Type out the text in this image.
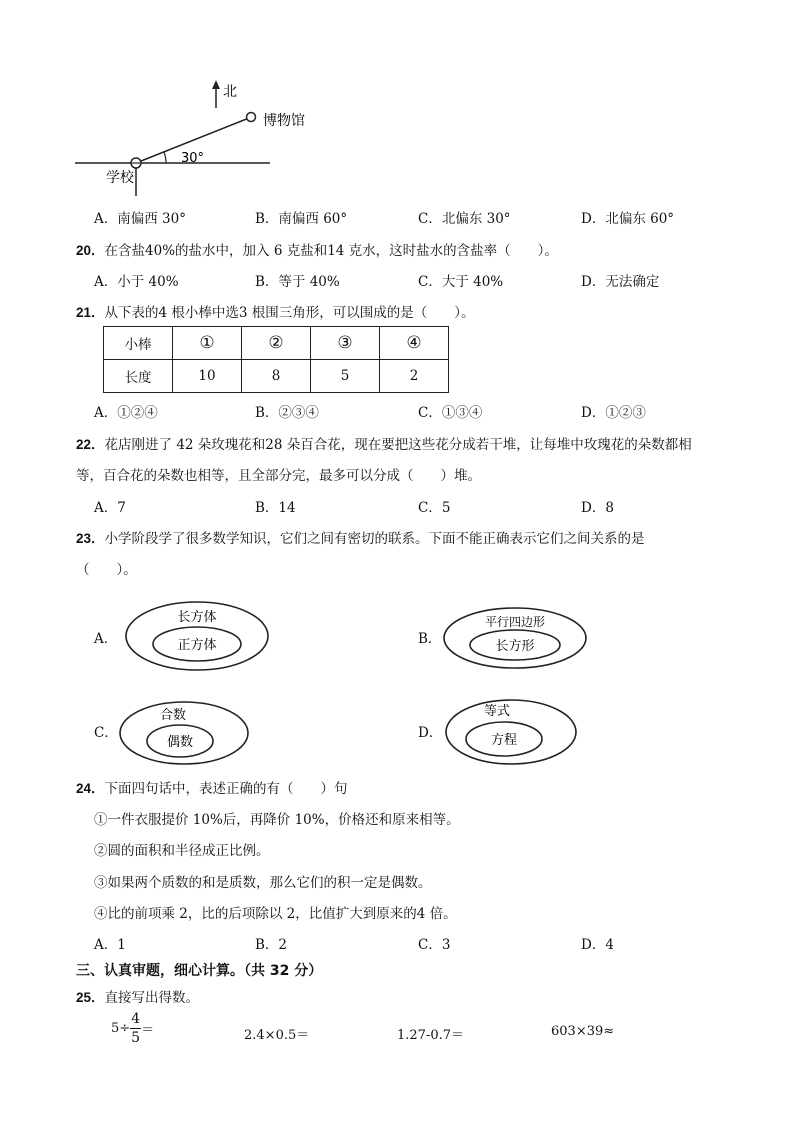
北
博物馆
30°
学校
A．南偏西 30°	B．南偏西 60°	C．北偏东 30°	D．北偏东 60°
20．在含盐40%的盐水中，加入 6 克盐和14 克水，这时盐水的含盐率（　　）。
A．小于 40%	B．等于 40%	C．大于 40%	D．无法确定
21．从下表的4 根小棒中选3 根围三角形，可以围成的是（　　）。
小棒	①	②	③	④
长度	10	8	5	2
A．①②④	B．②③④	C．①③④	D．①②③
22．花店刚进了 42 朵玫瑰花和28 朵百合花，现在要把这些花分成若干堆，让每堆中玫瑰花的朵数都相
等，百合花的朵数也相等，且全部分完，最多可以分成（　　）堆。
A．7	B．14	C．5	D．8
23．小学阶段学了很多数学知识，它们之间有密切的联系。下面不能正确表示它们之间关系的是
（　　）。
A．
长方体
正方体	B．
平行四边形
长方形
C．
合数
偶数
D．
等式
方程
24．下面四句话中，表述正确的有（　　）句
①一件衣服提价 10%后，再降价 10%，价格还和原来相等。
②圆的面积和半径成正比例。
③如果两个质数的和是质数，那么它们的积一定是偶数。
④比的前项乘 2，比的后项除以 2，比值扩大到原来的4 倍。
A．1	B．2	C．3	D．4
三、认真审题，细心计算。（共 32 分）
25．直接写出得数。
$5\div \frac{4}{5}$ ＝	2.4×0.5＝	1.27-0.7＝	603×39≈
